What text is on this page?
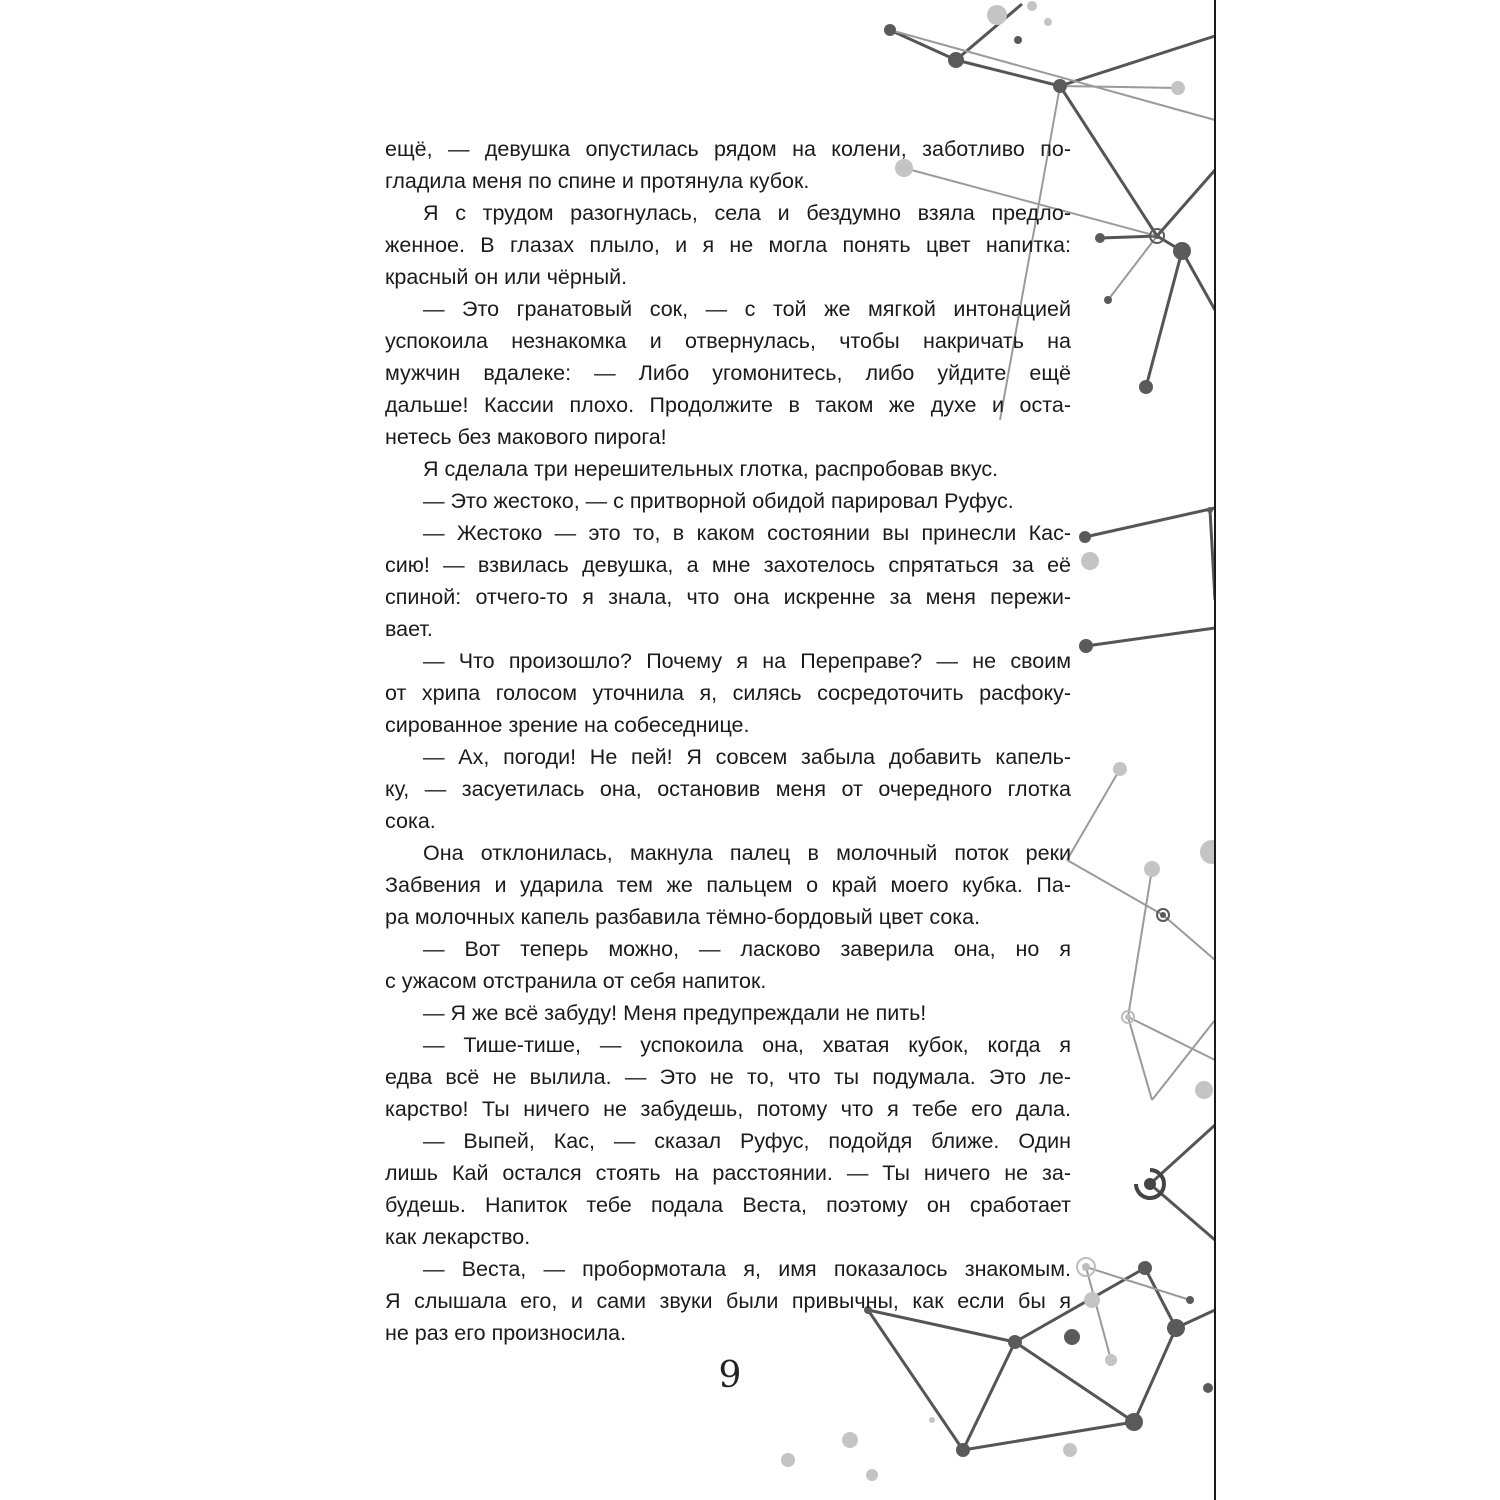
ещё, — девушка опустилась рядом на колени, заботливо по-
гладила меня по спине и протянула кубок.
Я с трудом разогнулась, села и бездумно взяла предло-
женное. В глазах плыло, и я не могла понять цвет напитка:
красный он или чёрный.
— Это гранатовый сок, — с той же мягкой интонацией
успокоила незнакомка и отвернулась, чтобы накричать на
мужчин вдалеке: — Либо угомонитесь, либо уйдите ещё
дальше! Кассии плохо. Продолжите в таком же духе и оста-
нетесь без макового пирога!
Я сделала три нерешительных глотка, распробовав вкус.
— Это жестоко, — с притворной обидой парировал Руфус.
— Жестоко — это то, в каком состоянии вы принесли Кас-
сию! — взвилась девушка, а мне захотелось спрятаться за её
спиной: отчего-то я знала, что она искренне за меня пережи-
вает.
— Что произошло? Почему я на Переправе? — не своим
от хрипа голосом уточнила я, силясь сосредоточить расфоку-
сированное зрение на собеседнице.
— Ах, погоди! Не пей! Я совсем забыла добавить капель-
ку, — засуетилась она, остановив меня от очередного глотка
сока.
Она отклонилась, макнула палец в молочный поток реки
Забвения и ударила тем же пальцем о край моего кубка. Па-
ра молочных капель разбавила тёмно-бордовый цвет сока.
— Вот теперь можно, — ласково заверила она, но я
с ужасом отстранила от себя напиток.
— Я же всё забуду! Меня предупреждали не пить!
— Тише-тише, — успокоила она, хватая кубок, когда я
едва всё не вылила. — Это не то, что ты подумала. Это ле-
карство! Ты ничего не забудешь, потому что я тебе его дала.
— Выпей, Кас, — сказал Руфус, подойдя ближе. Один
лишь Кай остался стоять на расстоянии. — Ты ничего не за-
будешь. Напиток тебе подала Веста, поэтому он сработает
как лекарство.
— Веста, — пробормотала я, имя показалось знакомым.
Я слышала его, и сами звуки были привычны, как если бы я
не раз его произносила.
9
